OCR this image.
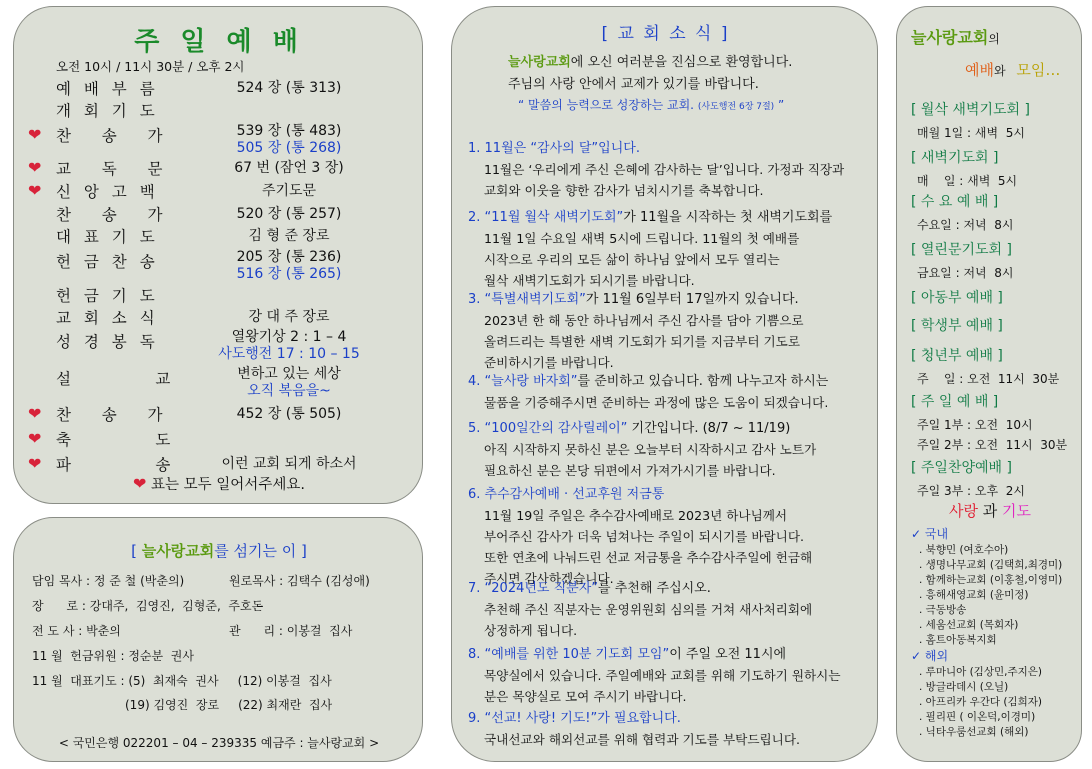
주 일 예 배
오전 10시 / 11시 30분 / 오후 2시
❤ 표는 모두 일어서주세요.
예 배 부 름	524 장 (통 313)
개 회 기 도
❤ 찬   송   가	539 장 (통 483)
505 장 (통 268)
❤ 교   독   문	67 번 (잠언 3 장)
❤ 신 앙 고 백	주기도문
찬   송   가	520 장 (통 257)
대 표 기 도	김 형 준 장로
헌 금 찬 송	205 장 (통 236)
516 장 (통 265)
헌 금 기 도
교 회 소 식	강 대 주 장로
성 경 봉 독	열왕기상 2 : 1 – 4
사도행전 17 : 10 – 15
설         교	변하고 있는 세상
오직 복음을~
❤ 찬   송   가	452 장 (통 505)
❤ 축         도
❤ 파         송	이런 교회 되게 하소서
[ 늘사랑교회를 섬기는 이 ]
담임 목사 : 정 준 철 (박춘의)	원로목사 : 김택수 (김성애)
장      로 : 강대주,  김영진,  김형준,  주호돈
전 도 사 : 박춘의	관      리 : 이봉걸  집사
11 월  헌금위원 : 정순분  권사
11 월  대표기도 : (5)  최재숙  권사     (12) 이봉걸  집사
(19) 김영진  장로     (22) 최재란  집사
< 국민은행 022201 – 04 – 239335 예금주 : 늘사랑교회 >
[ 교 회 소 식 ]
늘사랑교회에 오신 여러분을 진심으로 환영합니다.
주님의 사랑 안에서 교제가 있기를 바랍니다.
“ 말씀의 능력으로 성장하는 교회. (사도행전 6장 7절) ”
1. 11월은 “감사의 달”입니다.
11월은 ‘우리에게 주신 은혜에 감사하는 달’입니다. 가정과 직장과
교회와 이웃을 향한 감사가 넘치시기를 축복합니다.
2. “11월 월삭 새벽기도회”가 11월을 시작하는 첫 새벽기도회를
11월 1일 수요일 새벽 5시에 드립니다. 11월의 첫 예배를
시작으로 우리의 모든 삶이 하나님 앞에서 모두 열리는
월삭 새벽기도회가 되시기를 바랍니다.
3. “특별새벽기도회”가 11월 6일부터 17일까지 있습니다.
2023년 한 해 동안 하나님께서 주신 감사를 담아 기쁨으로
올려드리는 특별한 새벽 기도회가 되기를 지금부터 기도로
준비하시기를 바랍니다.
4. “늘사랑 바자회”를 준비하고 있습니다. 함께 나누고자 하시는
물품을 기증해주시면 준비하는 과정에 많은 도움이 되겠습니다.
5. “100일간의 감사릴레이” 기간입니다. (8/7 ~ 11/19)
아직 시작하지 못하신 분은 오늘부터 시작하시고 감사 노트가
필요하신 분은 본당 뒤편에서 가져가시기를 바랍니다.
6. 추수감사예배 · 선교후원 저금통
11월 19일 주일은 추수감사예배로 2023년 하나님께서
부어주신 감사가 더욱 넘쳐나는 주일이 되시기를 바랍니다.
또한 연초에 나눠드린 선교 저금통을 추수감사주일에 헌금해
주시면 감사하겠습니다.
7. “2024년도 직분자”를 추천해 주십시오.
추천해 주신 직분자는 운영위원회 심의를 거쳐 새사처리회에
상정하게 됩니다.
8. “예배를 위한 10분 기도회 모임”이 주일 오전 11시에
목양실에서 있습니다. 주일예배와 교회를 위해 기도하기 원하시는
분은 목양실로 모여 주시기 바랍니다.
9. “선교! 사랑! 기도!”가 필요합니다.
국내선교와 해외선교를 위해 협력과 기도를 부탁드립니다.
늘사랑교회의
예배와 모임…
사랑 과 기도
[ 월삭 새벽기도회 ]
매월 1일 : 새벽  5시
[ 새벽기도회 ]
매    일 : 새벽  5시
[ 수 요 예 배 ]
수요일 : 저녁  8시
[ 열린문기도회 ]
금요일 : 저녁  8시
[ 아동부 예배 ]
[ 학생부 예배 ]
[ 청년부 예배 ]
주    일 : 오전  11시  30분
[ 주 일 예 배 ]
주일 1부 : 오전  10시
주일 2부 : 오전  11시  30분
[ 주일찬양예배 ]
주일 3부 : 오후  2시
✓ 국내
. 북향민 (여호수아)
. 생명나무교회 (김택희,최경미)
. 함께하는교회 (이홍철,이영미)
. 흥해새영교회 (윤미정)
. 극동방송
. 세움선교회 (목회자)
. 홈트아동복지회
✓ 해외
. 루마니아 (김상민,주지은)
. 방글라데시 (오닐)
. 아프리카 우간다 (김희자)
. 필리핀 ( 이온덕,이경미)
. 닉타우룸선교회 (해외)
